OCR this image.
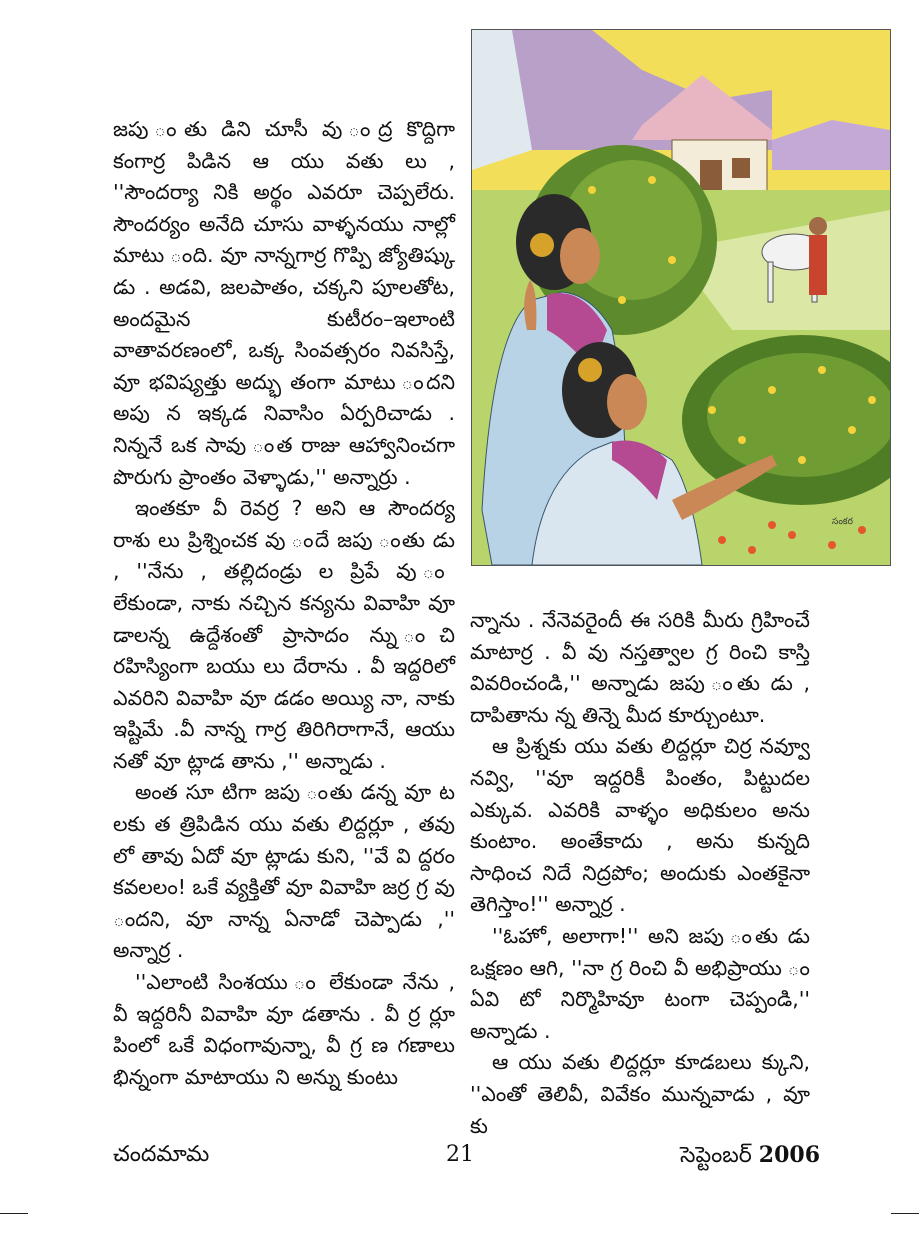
జపు ంతు డిని చూసీ వు ంద్ర కొద్దిగా కంగార్ర పిడిన ఆ యు వతు లు , ''సౌందర్యా నికి అర్థం ఎవరూ చెప్పలేరు. సౌందర్యం అనేది చూసు వాళ్ళనయు నాల్లో మాటు ంది. వూ నాన్నగార్ర గొప్పి జ్యోతిష్కు డు . అడవి, జలపాతం, చక్కని పూలతోట, అందమైన కుటీరం–ఇలాంటి వాతావరణంలో, ఒక్క సింవత్సరం నివసిస్తే, వూ భవిష్యత్తు అద్భు తంగా మాటు ందని అపు న ఇక్కడ నివాసిం ఏర్పరిచాడు . నిన్ననే ఒక సావు ంత రాజు ఆహ్వానించగా పొరుగు ప్రాంతం వెళ్ళాడు,'' అన్నార్రు .

ఇంతకూ వీ రెవర్ర ? అని ఆ సౌందర్య రాశు లు ప్రిశ్నించక వు ందే జపు ంతు డు , ''నేను , తల్లిదండ్రు ల ప్రిపే వు ం లేకుండా, నాకు నచ్చిన కన్యను వివాహి వూ డాలన్న ఉద్దేశంతో ప్రాసాదం న్ను ంచి రహిస్యింగా బయు లు దేరాను . వీ ఇద్దరిలో ఎవరిని వివాహి వూ డడం అయ్యి నా, నాకు ఇష్టిమే .వీ నాన్న గార్ర తిరిగిరాగానే, ఆయు నతో వూ ట్లాడ తాను ,'' అన్నాడు .

అంత సూ టిగా జపు ంతు డన్న వూ ట లకు త త్రిపిడిన యు వతు లిద్దర్లూ , తవు లో తావు ఏదో వూ ట్లాడు కుని, ''వే వి ద్దరం కవలలం! ఒకే వ్యక్తితో వూ వివాహి జర్ర గ్ర వు ందని, వూ నాన్న ఏనాడో చెప్పాడు ,'' అన్నార్ర .

''ఎలాంటి సింశయు ం లేకుండా నేను , వీ ఇద్దరినీ వివాహి వూ డతాను . వీ ర్ర ర్లూ పింలో ఒకే విధంగావున్నా, వీ గ్ర ణ గణాలు భిన్నంగా మాటాయు ని అన్ను కుంటు

సంకర

న్నాను . నేనెవరైందీ ఈ సరికి మీరు గ్రిహించే మాటార్ర . వీ వు నస్తత్వాల గ్ర రించి కాస్తి వివరించండి,'' అన్నాడు జపు ంతు డు , దాపితాను న్న తిన్నె మీద కూర్చుంటూ.

ఆ ప్రిశ్నకు యు వతు లిద్దర్లూ చిర్ర నవ్వూ నవ్వి, ''వూ ఇద్దరికీ పింతం, పిట్టుదల ఎక్కువ. ఎవరికి వాళ్ళం అధికులం అను కుంటాం. అంతేకాదు , అను కున్నది సాధించ నిదే నిద్రపోం; అందుకు ఎంతకైనా తెగిస్తాం!'' అన్నార్ర .

''ఓహో, అలాగా!'' అని జపు ంతు డు ఒక్షణం ఆగి, ''నా గ్ర రించి వీ అభిప్రాయు ం ఏవి టో నిర్మొహివూ టంగా చెప్పండి,'' అన్నాడు .

ఆ యు వతు లిద్దర్లూ కూడబలు క్కుని, ''ఎంతో తెలివీ, వివేకం మున్నవాడు , వూ కు

చందమామ	21	సెప్టెంబర్ 2006
